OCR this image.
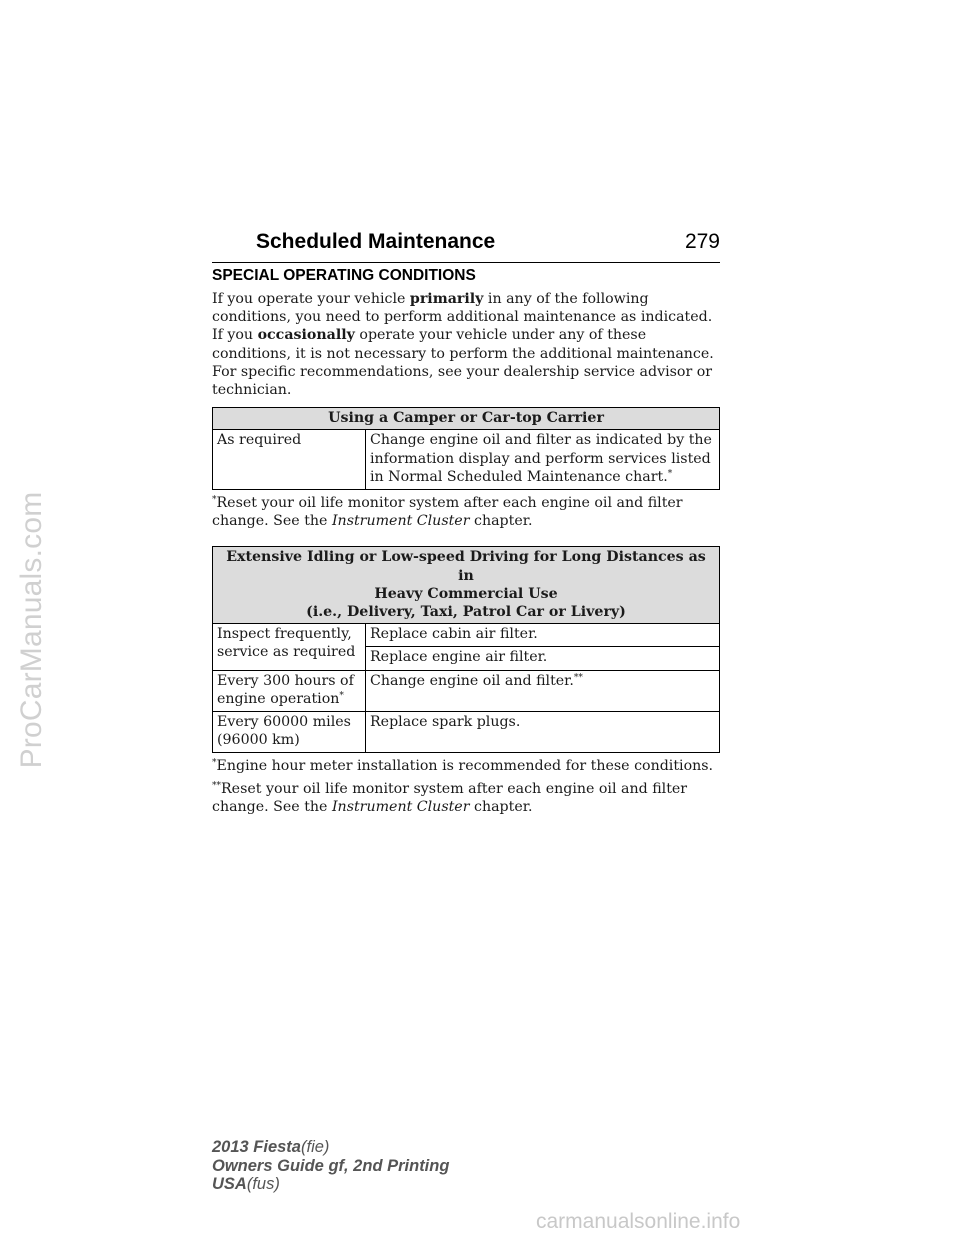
ProCarManuals.com
Scheduled Maintenance	279
SPECIAL OPERATING CONDITIONS

If you operate your vehicle primarily in any of the following conditions, you need to perform additional maintenance as indicated. If you occasionally operate your vehicle under any of these conditions, it is not necessary to perform the additional maintenance. For specific recommendations, see your dealership service advisor or technician.

Using a Camper or Car-top Carrier
As required	Change engine oil and filter as indicated by the information display and perform services listed in Normal Scheduled Maintenance chart.*

*Reset your oil life monitor system after each engine oil and filter change. See the Instrument Cluster chapter.

Extensive Idling or Low-speed Driving for Long Distances as in
Heavy Commercial Use
(i.e., Delivery, Taxi, Patrol Car or Livery)	

Inspect frequently, service as required	Replace cabin air filter.
	Replace engine air filter.
Every 300 hours of engine operation*	Change engine oil and filter.**
Every 60000 miles (96000 km)	Replace spark plugs.

*Engine hour meter installation is recommended for these conditions.

**Reset your oil life monitor system after each engine oil and filter change. See the Instrument Cluster chapter.

2013 Fiesta(fie)
Owners Guide gf, 2nd Printing
USA(fus)
carmanualsonline.info
